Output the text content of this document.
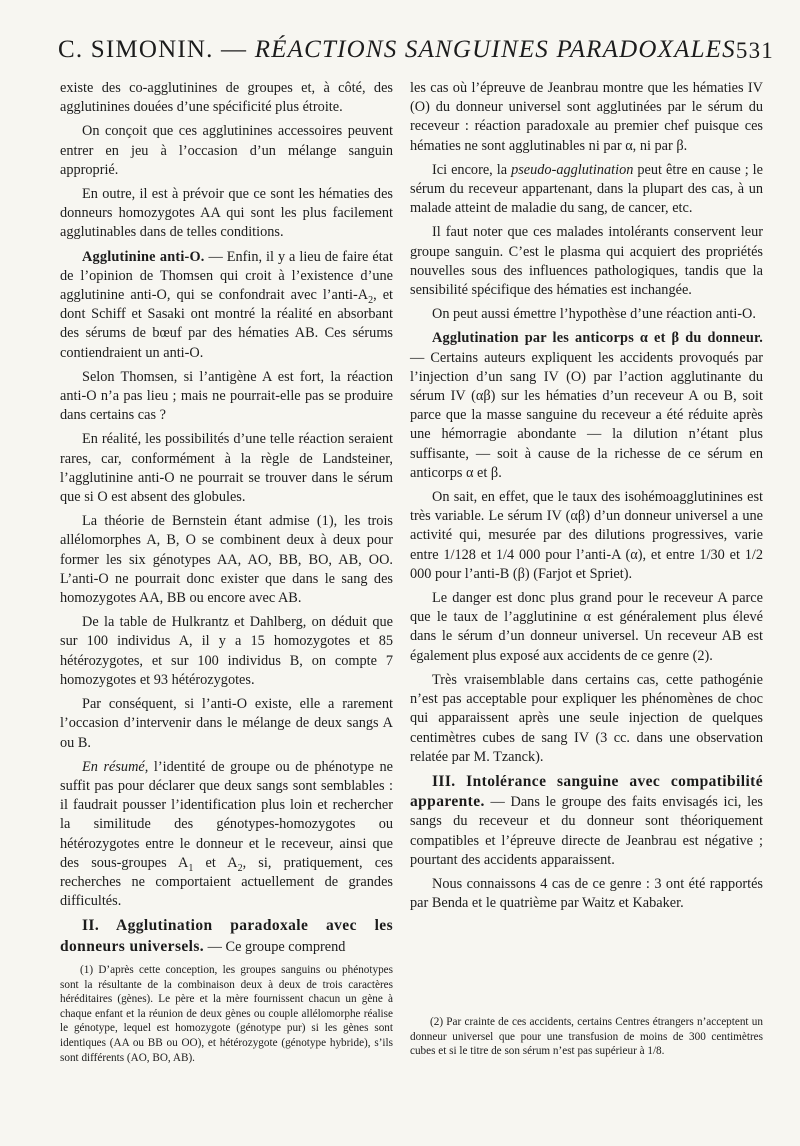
C. SIMONIN. — RÉACTIONS SANGUINES PARADOXALES 531

existe des co-agglutinines de groupes et, à côté, des agglutinines douées d’une spécificité plus étroite.

On conçoit que ces agglutinines accessoires peuvent entrer en jeu à l’occasion d’un mélange sanguin approprié.

En outre, il est à prévoir que ce sont les hématies des donneurs homozygotes AA qui sont les plus facilement agglutinables dans de telles conditions.

Agglutinine anti-O. — Enfin, il y a lieu de faire état de l’opinion de Thomsen qui croit à l’existence d’une agglutinine anti-O, qui se confondrait avec $l’anti-A_2$, et dont Schiff et Sasaki ont montré la réalité en absorbant des sérums de bœuf par des hématies AB. Ces sérums contiendraient un anti-O.

Selon Thomsen, si l’antigène A est fort, la réaction anti-O n’a pas lieu ; mais ne pourrait-elle pas se produire dans certains cas ?

En réalité, les possibilités d’une telle réaction seraient rares, car, conformément à la règle de Landsteiner, l’agglutinine anti-O ne pourrait se trouver dans le sérum que si O est absent des globules.

La théorie de Bernstein étant admise (1), les trois allélomorphes A, B, O se combinent deux à deux pour former les six génotypes AA, AO, BB, BO, AB, OO. L’anti-O ne pourrait donc exister que dans le sang des homozygotes AA, BB ou encore avec AB.

De la table de Hulkrantz et Dahlberg, on déduit que sur 100 individus A, il y a 15 homozygotes et 85 hétérozygotes, et sur 100 individus B, on compte 7 homozygotes et 93 hétérozygotes.

Par conséquent, si l’anti-O existe, elle a rarement l’occasion d’intervenir dans le mélange de deux sangs A ou B.

En résumé, l’identité de groupe ou de phénotype ne suffit pas pour déclarer que deux sangs sont semblables : il faudrait pousser l’identification plus loin et rechercher la similitude des génotypes-homozygotes ou hétérozygotes entre le donneur et le receveur, ainsi que des sous-groupes $A_1$ et $A_2$, si, pratiquement, ces recherches ne comportaient actuellement de grandes difficultés.

II. Agglutination paradoxale avec les donneurs universels. — Ce groupe comprend

les cas où l’épreuve de Jeanbrau montre que les hématies IV (O) du donneur universel sont agglutinées par le sérum du receveur : réaction paradoxale au premier chef puisque ces hématies ne sont agglutinables ni par α, ni par β.

Ici encore, la pseudo-agglutination peut être en cause ; le sérum du receveur appartenant, dans la plupart des cas, à un malade atteint de maladie du sang, de cancer, etc.

Il faut noter que ces malades intolérants conservent leur groupe sanguin. C’est le plasma qui acquiert des propriétés nouvelles sous des influences pathologiques, tandis que la sensibilité spécifique des hématies est inchangée.

On peut aussi émettre l’hypothèse d’une réaction anti-O.

Agglutination par les anticorps α et β du donneur. — Certains auteurs expliquent les accidents provoqués par l’injection d’un sang IV (O) par l’action agglutinante du sérum IV (αβ) sur les hématies d’un receveur A ou B, soit parce que la masse sanguine du receveur a été réduite après une hémorragie abondante — la dilution n’étant plus suffisante, — soit à cause de la richesse de ce sérum en anticorps α et β.

On sait, en effet, que le taux des isohémoagglutinines est très variable. Le sérum IV (αβ) d’un donneur universel a une activité qui, mesurée par des dilutions progressives, varie entre 1/128 et 1/4 000 pour l’anti-A (α), et entre 1/30 et 1/2 000 pour l’anti-B (β) (Farjot et Spriet).

Le danger est donc plus grand pour le receveur A parce que le taux de l’agglutinine α est généralement plus élevé dans le sérum d’un donneur universel. Un receveur AB est également plus exposé aux accidents de ce genre (2).

Très vraisemblable dans certains cas, cette pathogénie n’est pas acceptable pour expliquer les phénomènes de choc qui apparaissent après une seule injection de quelques centimètres cubes de sang IV (3 cc. dans une observation relatée par M. Tzanck).

III. Intolérance sanguine avec compatibilité apparente. — Dans le groupe des faits envisagés ici, les sangs du receveur et du donneur sont théoriquement compatibles et l’épreuve directe de Jeanbrau est négative ; pourtant des accidents apparaissent.

Nous connaissons 4 cas de ce genre : 3 ont été rapportés par Benda et le quatrième par Waitz et Kabaker.

(1) D’après cette conception, les groupes sanguins ou phénotypes sont la résultante de la combinaison deux à deux de trois caractères héréditaires (gènes). Le père et la mère fournissent chacun un gène à chaque enfant et la réunion de deux gènes ou couple allélomorphe réalise le génotype, lequel est homozygote (génotype pur) si les gènes sont identiques (AA ou BB ou OO), et hétérozygote (génotype hybride), s’ils sont différents (AO, BO, AB).

(2) Par crainte de ces accidents, certains Centres étrangers n’acceptent un donneur universel que pour une transfusion de moins de 300 centimètres cubes et si le titre de son sérum n’est pas supérieur à 1/8.
